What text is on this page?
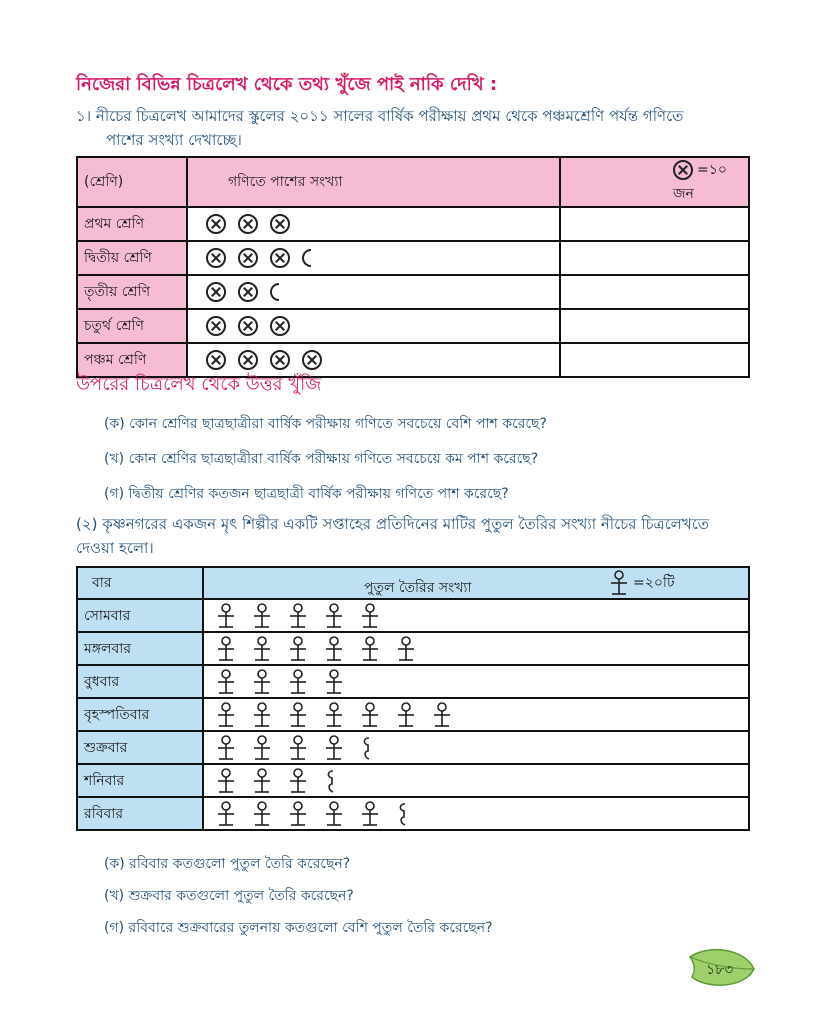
নিজেরা বিভিন্ন চিত্রলেখ থেকে তথ্য খুঁজে পাই নাকি দেখি :
১। নীচের চিত্রলেখ আমাদের স্কুলের ২০১১ সালের বার্ষিক পরীক্ষায় প্রথম থেকে পঞ্চমশ্রেণি পর্যন্ত গণিতে
পাশের সংখ্যা দেখাচ্ছে।
(শ্রেণি)	গণিতে পাশের সংখ্যা	=১০ জন
প্রথম শ্রেণি		
দ্বিতীয় শ্রেণি		
তৃতীয় শ্রেণি		
চতুর্থ শ্রেণি		
পঞ্চম শ্রেণি		
উপরের চিত্রলেখ থেকে উত্তর খুঁজি
(ক) কোন শ্রেণির ছাত্রছাত্রীরা বার্ষিক পরীক্ষায় গণিতে সবচেয়ে বেশি পাশ করেছে?
(খ) কোন শ্রেণির ছাত্রছাত্রীরা বার্ষিক পরীক্ষায় গণিতে সবচেয়ে কম পাশ করেছে?
(গ) দ্বিতীয় শ্রেণির কতজন ছাত্রছাত্রী বার্ষিক পরীক্ষায় গণিতে পাশ করেছে?
(২) কৃষ্ণনগরের একজন মৃৎ শিল্পীর একটি সপ্তাহের প্রতিদিনের মাটির পুতুল তৈরির সংখ্যা নীচের চিত্রলেখতে
দেওয়া হলো।
বার	পুতুল তৈরির সংখ্যা =২০টি

সোমবার	
মঙ্গলবার	
বুধবার	
বৃহস্পতিবার	
শুক্রবার	
শনিবার	
রবিবার	
(ক) রবিবার কতগুলো পুতুল তৈরি করেছেন?
(খ) শুক্রবার কতগুলো পুতুল তৈরি করেছেন?
(গ) রবিবারে শুক্রবারের তুলনায় কতগুলো বেশি পুতুল তৈরি করেছেন?
১৮৩
